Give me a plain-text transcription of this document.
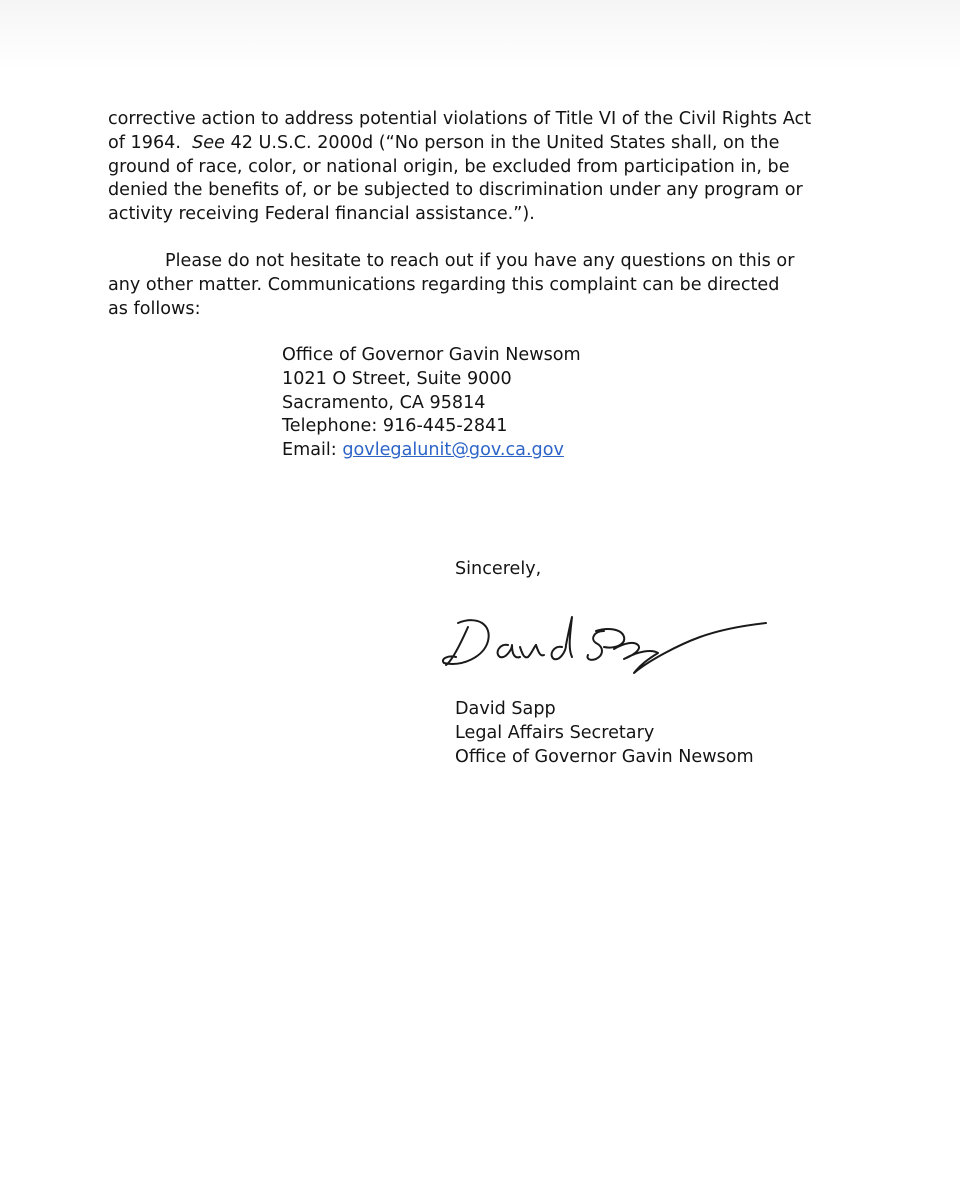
corrective action to address potential violations of Title VI of the Civil Rights Act
of 1964. See 42 U.S.C. 2000d (“No person in the United States shall, on the
ground of race, color, or national origin, be excluded from participation in, be
denied the benefits of, or be subjected to discrimination under any program or
activity receiving Federal financial assistance.”).

Please do not hesitate to reach out if you have any questions on this or
any other matter. Communications regarding this complaint can be directed
as follows:

Office of Governor Gavin Newsom
1021 O Street, Suite 9000
Sacramento, CA 95814
Telephone: 916-445-2841
Email: govlegalunit@gov.ca.gov
Sincerely,
David Sapp
Legal Affairs Secretary
Office of Governor Gavin Newsom
